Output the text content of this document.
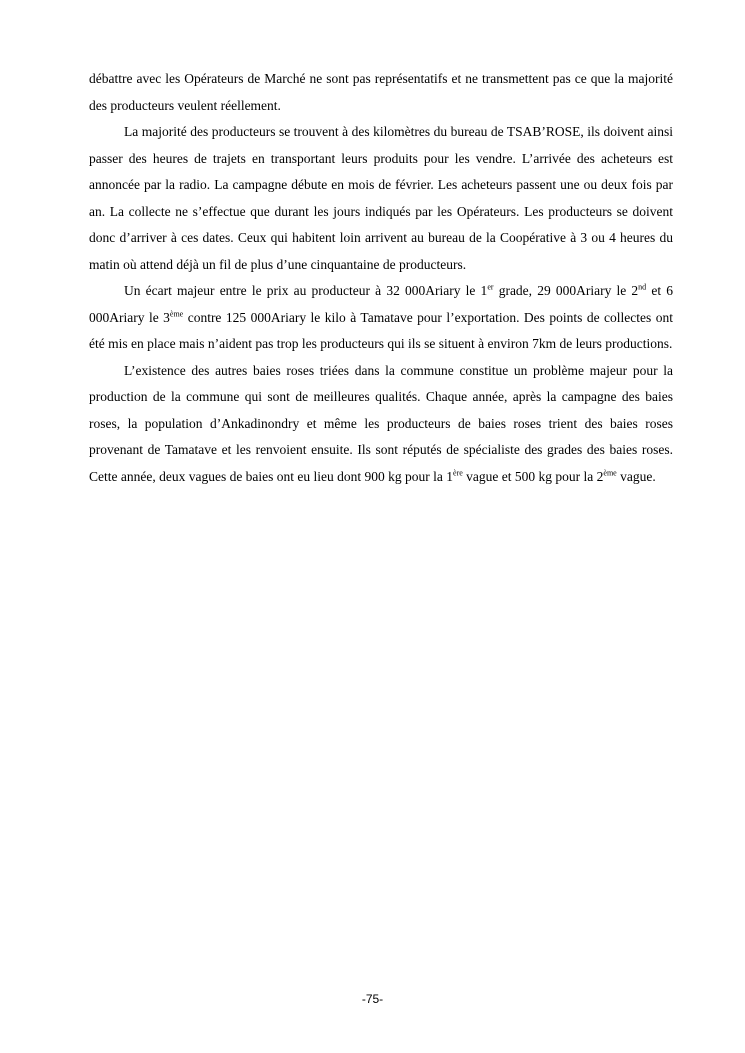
débattre avec les Opérateurs de Marché ne sont pas représentatifs et ne transmettent pas ce que la majorité des producteurs veulent réellement.

La majorité des producteurs se trouvent à des kilomètres du bureau de TSAB’ROSE, ils doivent ainsi passer des heures de trajets en transportant leurs produits pour les vendre. L’arrivée des acheteurs est annoncée par la radio. La campagne débute en mois de février. Les acheteurs passent une ou deux fois par an. La collecte ne s’effectue que durant les jours indiqués par les Opérateurs. Les producteurs se doivent donc d’arriver à ces dates. Ceux qui habitent loin arrivent au bureau de la Coopérative à 3 ou 4 heures du matin où attend déjà un fil de plus d’une cinquantaine de producteurs.

Un écart majeur entre le prix au producteur à 32 000Ariary le 1er grade, 29 000Ariary le 2nd et 6 000Ariary le 3ème contre 125 000Ariary le kilo à Tamatave pour l’exportation. Des points de collectes ont été mis en place mais n’aident pas trop les producteurs qui ils se situent à environ 7km de leurs productions.

L’existence des autres baies roses triées dans la commune constitue un problème majeur pour la production de la commune qui sont de meilleures qualités. Chaque année, après la campagne des baies roses, la population d’Ankadinondry et même les producteurs de baies roses trient des baies roses provenant de Tamatave et les renvoient ensuite. Ils sont réputés de spécialiste des grades des baies roses. Cette année, deux vagues de baies ont eu lieu dont 900 kg pour la 1ère vague et 500 kg pour la 2ème vague.

-75-
